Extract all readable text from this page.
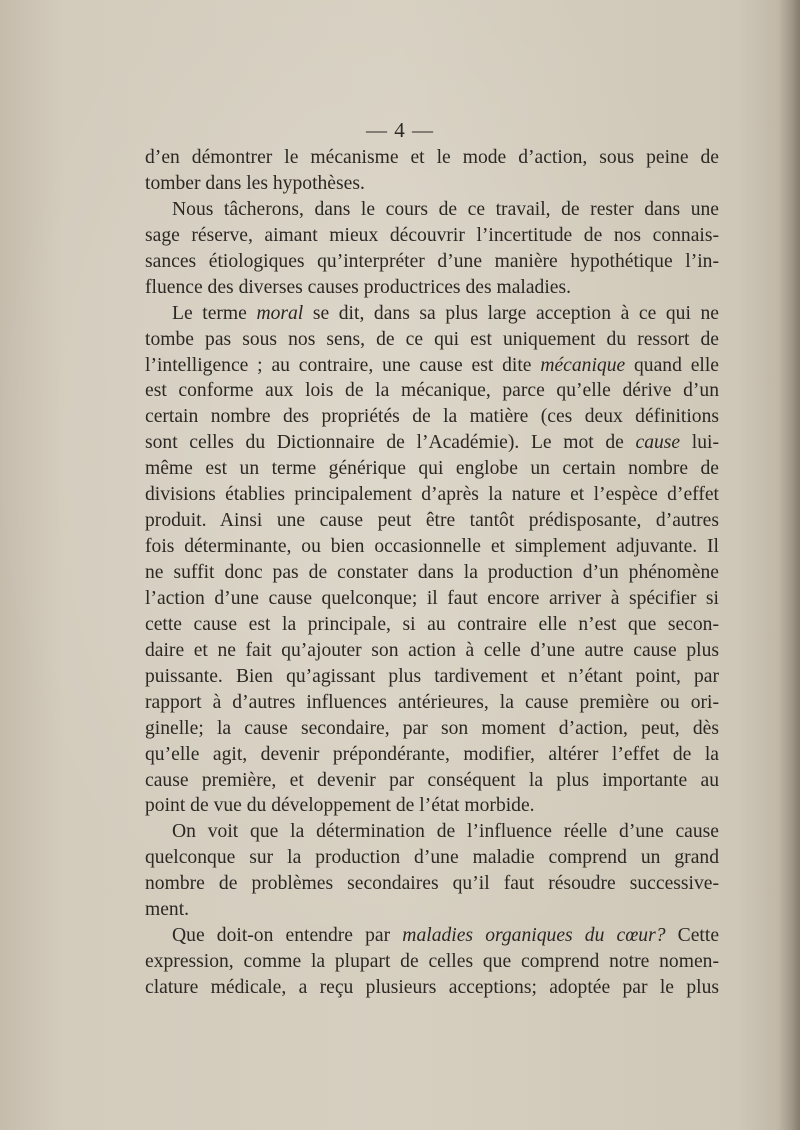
— 4 —
d’en démontrer le mécanisme et le mode d’action, sous peine de
tomber dans les hypothèses.
Nous tâcherons, dans le cours de ce travail, de rester dans une
sage réserve, aimant mieux découvrir l’incertitude de nos connais-
sances étiologiques qu’interpréter d’une manière hypothétique l’in-
fluence des diverses causes productrices des maladies.
Le terme moral se dit, dans sa plus large acception à ce qui ne
tombe pas sous nos sens, de ce qui est uniquement du ressort de
l’intelligence ; au contraire, une cause est dite mécanique quand elle
est conforme aux lois de la mécanique, parce qu’elle dérive d’un
certain nombre des propriétés de la matière (ces deux définitions
sont celles du Dictionnaire de l’Académie). Le mot de cause lui-
même est un terme générique qui englobe un certain nombre de
divisions établies principalement d’après la nature et l’espèce d’effet
produit. Ainsi une cause peut être tantôt prédisposante, d’autres
fois déterminante, ou bien occasionnelle et simplement adjuvante. Il
ne suffit donc pas de constater dans la production d’un phénomène
l’action d’une cause quelconque; il faut encore arriver à spécifier si
cette cause est la principale, si au contraire elle n’est que secon-
daire et ne fait qu’ajouter son action à celle d’une autre cause plus
puissante. Bien qu’agissant plus tardivement et n’étant point, par
rapport à d’autres influences antérieures, la cause première ou ori-
ginelle; la cause secondaire, par son moment d’action, peut, dès
qu’elle agit, devenir prépondérante, modifier, altérer l’effet de la
cause première, et devenir par conséquent la plus importante au
point de vue du développement de l’état morbide.
On voit que la détermination de l’influence réelle d’une cause
quelconque sur la production d’une maladie comprend un grand
nombre de problèmes secondaires qu’il faut résoudre successive-
ment.
Que doit-on entendre par maladies organiques du cœur? Cette
expression, comme la plupart de celles que comprend notre nomen-
clature médicale, a reçu plusieurs acceptions; adoptée par le plus
